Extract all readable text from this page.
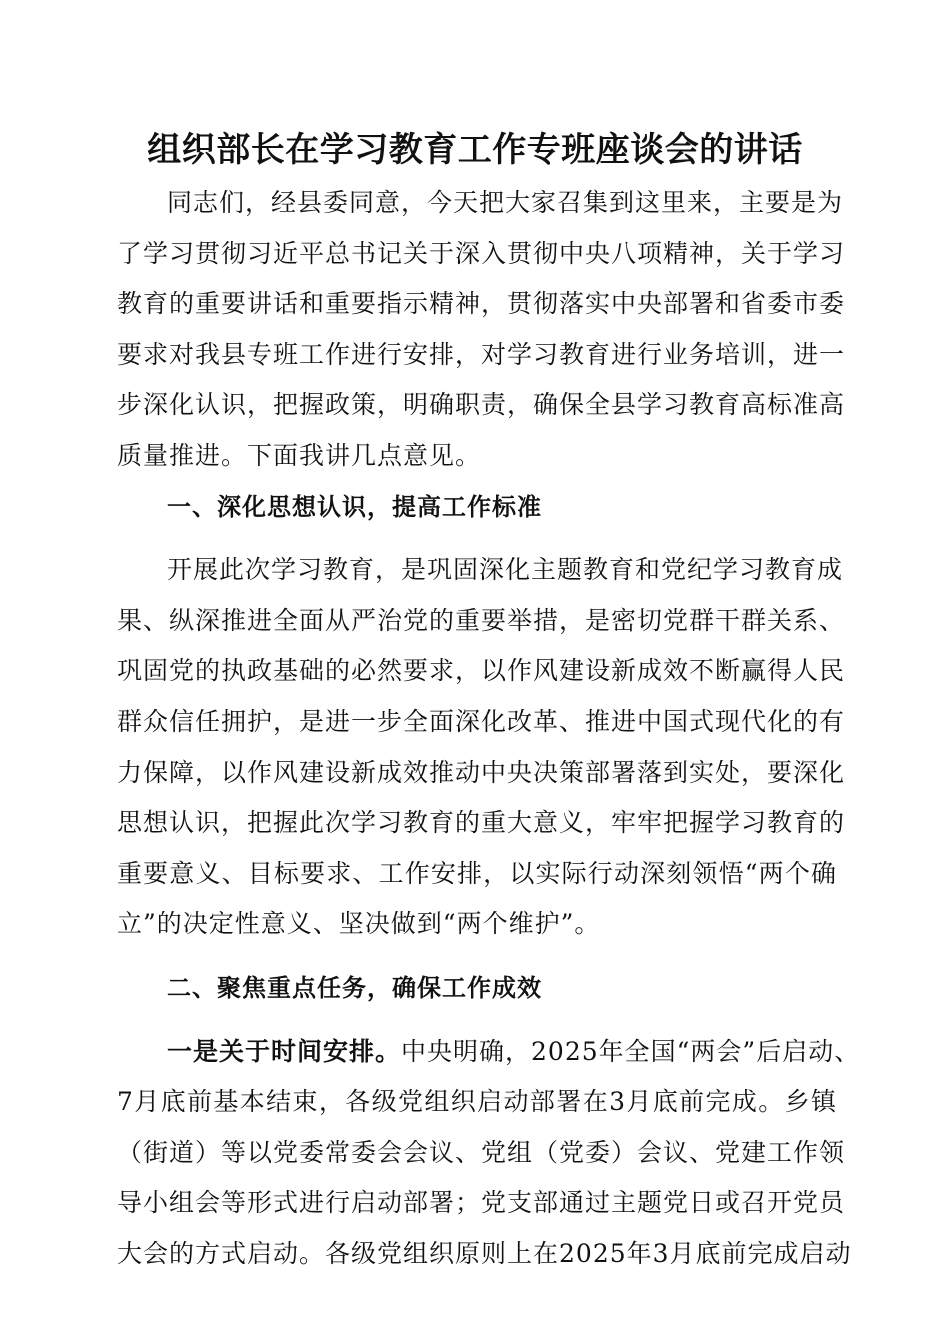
组织部长在学习教育工作专班座谈会的讲话
同志们，经县委同意，今天把大家召集到这里来，主要是为
了学习贯彻习近平总书记关于深入贯彻中央八项精神，关于学习
教育的重要讲话和重要指示精神，贯彻落实中央部署和省委市委
要求对我县专班工作进行安排，对学习教育进行业务培训，进一
步深化认识，把握政策，明确职责，确保全县学习教育高标准高
质量推进。下面我讲几点意见。
一、深化思想认识，提高工作标准
开展此次学习教育，是巩固深化主题教育和党纪学习教育成
果、纵深推进全面从严治党的重要举措，是密切党群干群关系、
巩固党的执政基础的必然要求，以作风建设新成效不断赢得人民
群众信任拥护，是进一步全面深化改革、推进中国式现代化的有
力保障，以作风建设新成效推动中央决策部署落到实处，要深化
思想认识，把握此次学习教育的重大意义，牢牢把握学习教育的
重要意义、目标要求、工作安排，以实际行动深刻领悟“两个确
立”的决定性意义、坚决做到“两个维护”。
二、聚焦重点任务，确保工作成效
一是关于时间安排。中央明确，2025年全国“两会”后启动、
7月底前基本结束，各级党组织启动部署在3月底前完成。乡镇
（街道）等以党委常委会会议、党组（党委）会议、党建工作领
导小组会等形式进行启动部署；党支部通过主题党日或召开党员
大会的方式启动。各级党组织原则上在2025年3月底前完成启动
